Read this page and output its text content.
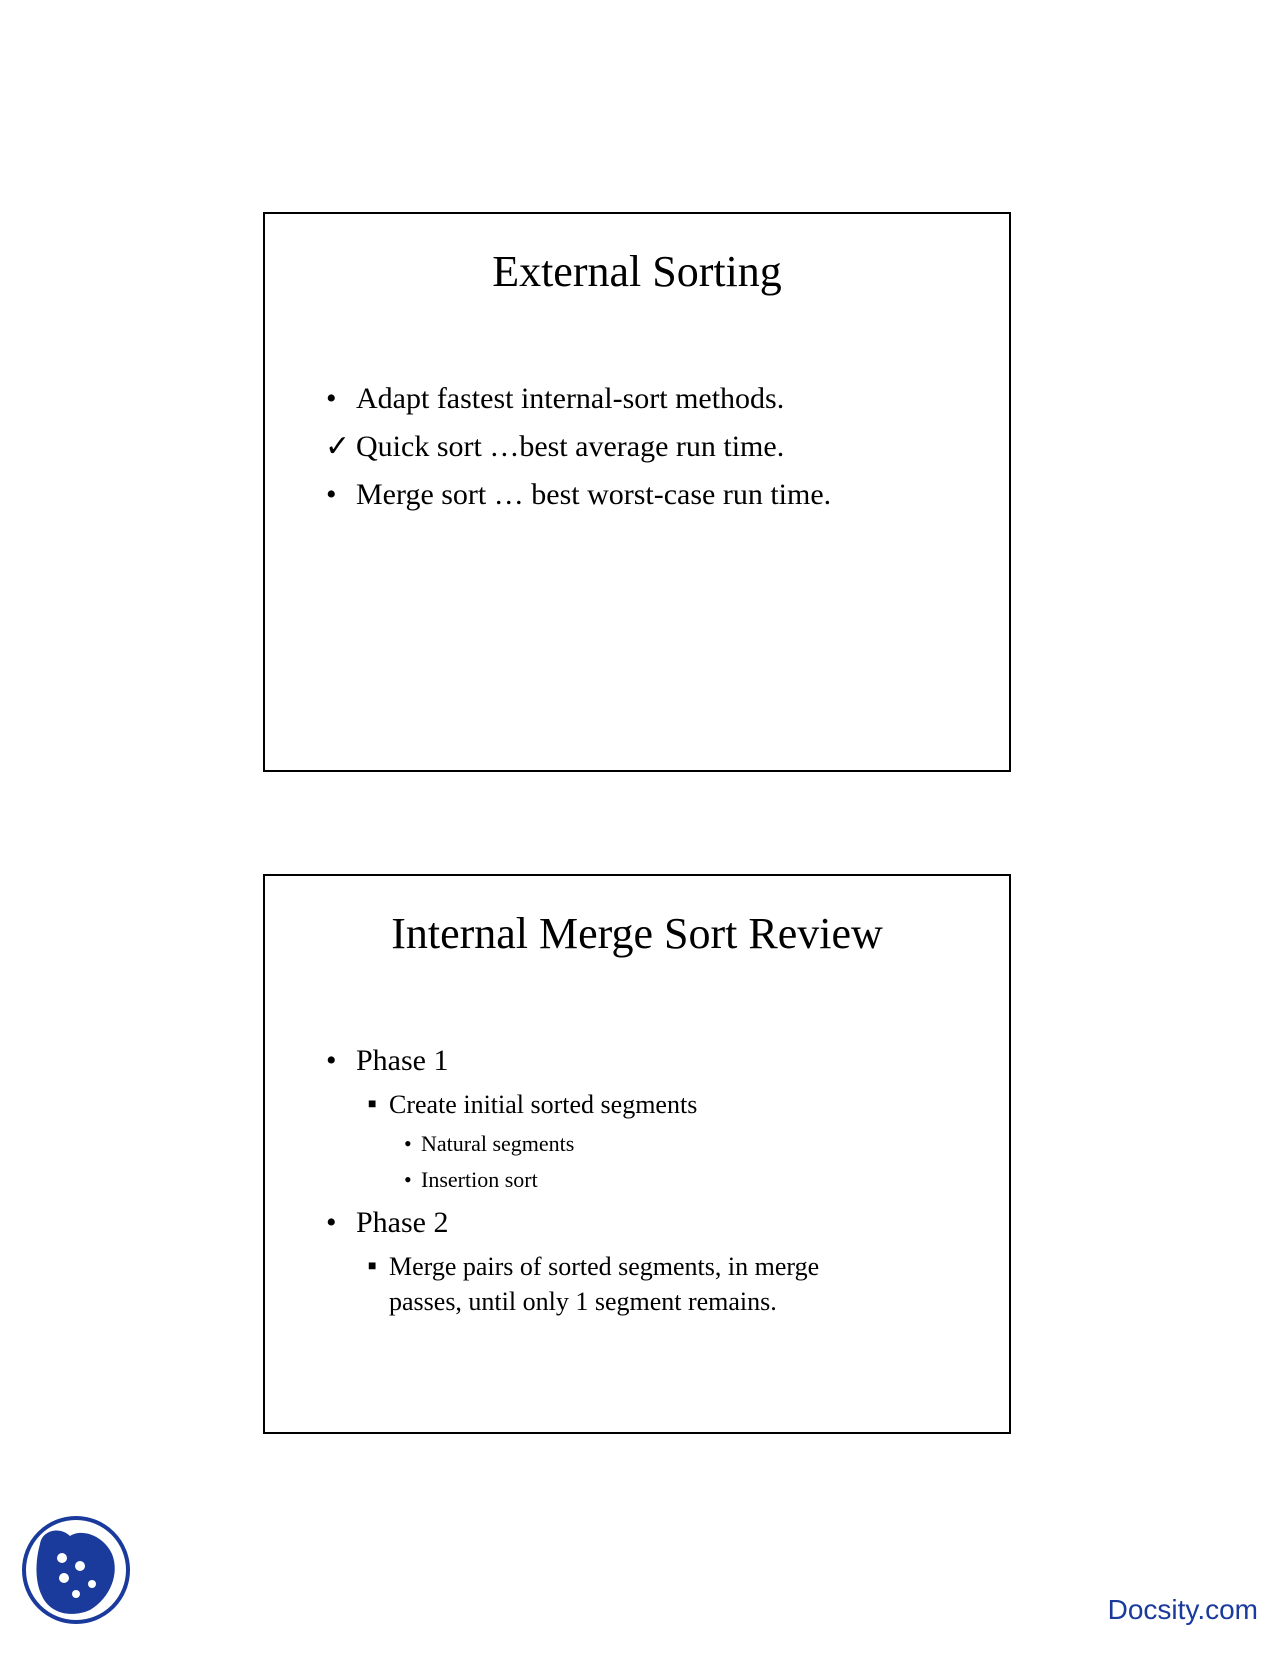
External Sorting
• Adapt fastest internal-sort methods.
✓ Quick sort …best average run time.
• Merge sort … best worst-case run time.
Internal Merge Sort Review
• Phase 1
■ Create initial sorted segments
• Natural segments
• Insertion sort
• Phase 2
■ Merge pairs of sorted segments, in merge
passes, until only 1 segment remains.
Docsity.com
